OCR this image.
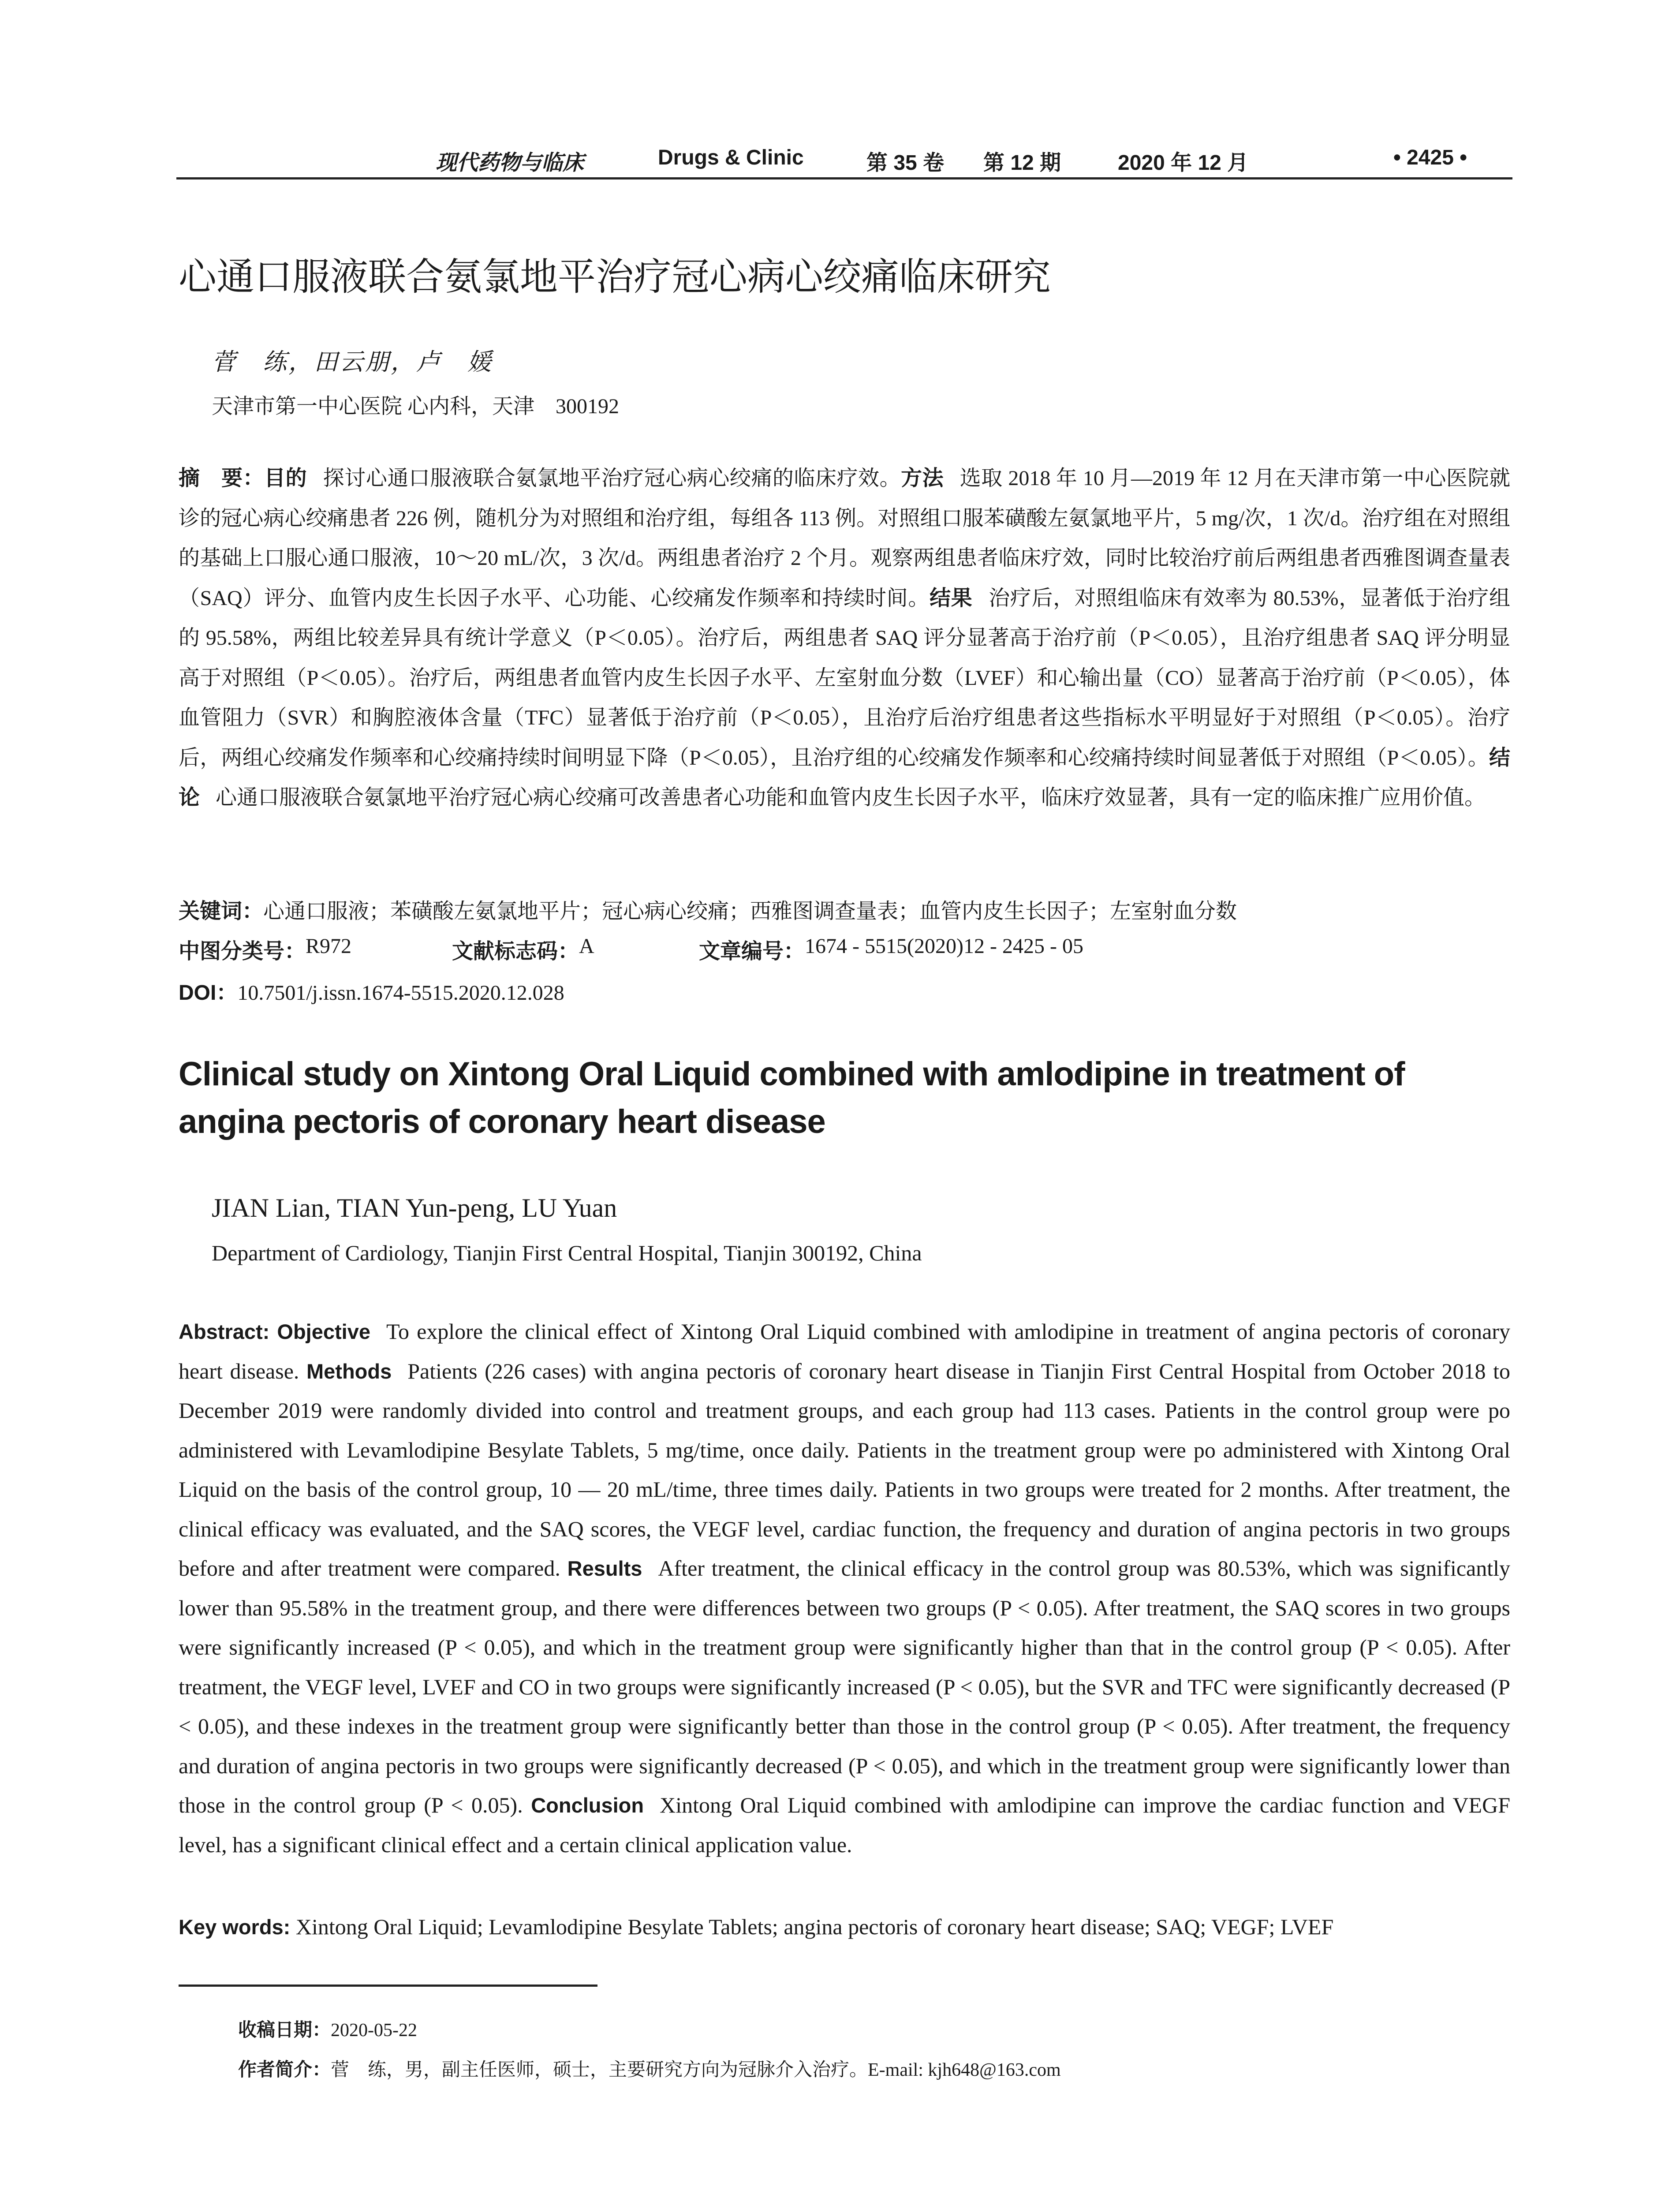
现代药物与临床	Drugs & Clinic	第 35 卷 第 12 期	2020 年 12 月	• 2425 •
心通口服液联合氨氯地平治疗冠心病心绞痛临床研究
菅　练，田云朋，卢　媛
天津市第一中心医院 心内科，天津　300192
摘　要：目的 探讨心通口服液联合氨氯地平治疗冠心病心绞痛的临床疗效。方法 选取 2018 年 10 月—2019 年 12 月在天津市第一中心医院就诊的冠心病心绞痛患者 226 例，随机分为对照组和治疗组，每组各 113 例。对照组口服苯磺酸左氨氯地平片，5 mg/次，1 次/d。治疗组在对照组的基础上口服心通口服液，10～20 mL/次，3 次/d。两组患者治疗 2 个月。观察两组患者临床疗效，同时比较治疗前后两组患者西雅图调查量表（SAQ）评分、血管内皮生长因子水平、心功能、心绞痛发作频率和持续时间。结果 治疗后，对照组临床有效率为 80.53%，显著低于治疗组的 95.58%，两组比较差异具有统计学意义（P＜0.05）。治疗后，两组患者 SAQ 评分显著高于治疗前（P＜0.05），且治疗组患者 SAQ 评分明显高于对照组（P＜0.05）。治疗后，两组患者血管内皮生长因子水平、左室射血分数（LVEF）和心输出量（CO）显著高于治疗前（P＜0.05），体血管阻力（SVR）和胸腔液体含量（TFC）显著低于治疗前（P＜0.05），且治疗后治疗组患者这些指标水平明显好于对照组（P＜0.05）。治疗后，两组心绞痛发作频率和心绞痛持续时间明显下降（P＜0.05），且治疗组的心绞痛发作频率和心绞痛持续时间显著低于对照组（P＜0.05）。结论 心通口服液联合氨氯地平治疗冠心病心绞痛可改善患者心功能和血管内皮生长因子水平，临床疗效显著，具有一定的临床推广应用价值。
关键词：心通口服液；苯磺酸左氨氯地平片；冠心病心绞痛；西雅图调查量表；血管内皮生长因子；左室射血分数
中图分类号： R972	文献标志码： A	文章编号： 1674 - 5515(2020)12 - 2425 - 05
DOI：10.7501/j.issn.1674-5515.2020.12.028
Clinical study on Xintong Oral Liquid combined with amlodipine in treatment of angina pectoris of coronary heart disease
JIAN Lian, TIAN Yun-peng, LU Yuan
Department of Cardiology, Tianjin First Central Hospital, Tianjin 300192, China
Abstract: Objective To explore the clinical effect of Xintong Oral Liquid combined with amlodipine in treatment of angina pectoris of coronary heart disease. Methods Patients (226 cases) with angina pectoris of coronary heart disease in Tianjin First Central Hospital from October 2018 to December 2019 were randomly divided into control and treatment groups, and each group had 113 cases. Patients in the control group were po administered with Levamlodipine Besylate Tablets, 5 mg/time, once daily. Patients in the treatment group were po administered with Xintong Oral Liquid on the basis of the control group, 10 — 20 mL/time, three times daily. Patients in two groups were treated for 2 months. After treatment, the clinical efficacy was evaluated, and the SAQ scores, the VEGF level, cardiac function, the frequency and duration of angina pectoris in two groups before and after treatment were compared. Results After treatment, the clinical efficacy in the control group was 80.53%, which was significantly lower than 95.58% in the treatment group, and there were differences between two groups (P < 0.05). After treatment, the SAQ scores in two groups were significantly increased (P < 0.05), and which in the treatment group were significantly higher than that in the control group (P < 0.05). After treatment, the VEGF level, LVEF and CO in two groups were significantly increased (P < 0.05), but the SVR and TFC were significantly decreased (P < 0.05), and these indexes in the treatment group were significantly better than those in the control group (P < 0.05). After treatment, the frequency and duration of angina pectoris in two groups were significantly decreased (P < 0.05), and which in the treatment group were significantly lower than those in the control group (P < 0.05). Conclusion Xintong Oral Liquid combined with amlodipine can improve the cardiac function and VEGF level, has a significant clinical effect and a certain clinical application value.
Key words: Xintong Oral Liquid; Levamlodipine Besylate Tablets; angina pectoris of coronary heart disease; SAQ; VEGF; LVEF
收稿日期：2020-05-22
作者简介：菅　练，男，副主任医师，硕士，主要研究方向为冠脉介入治疗。E-mail: kjh648@163.com
